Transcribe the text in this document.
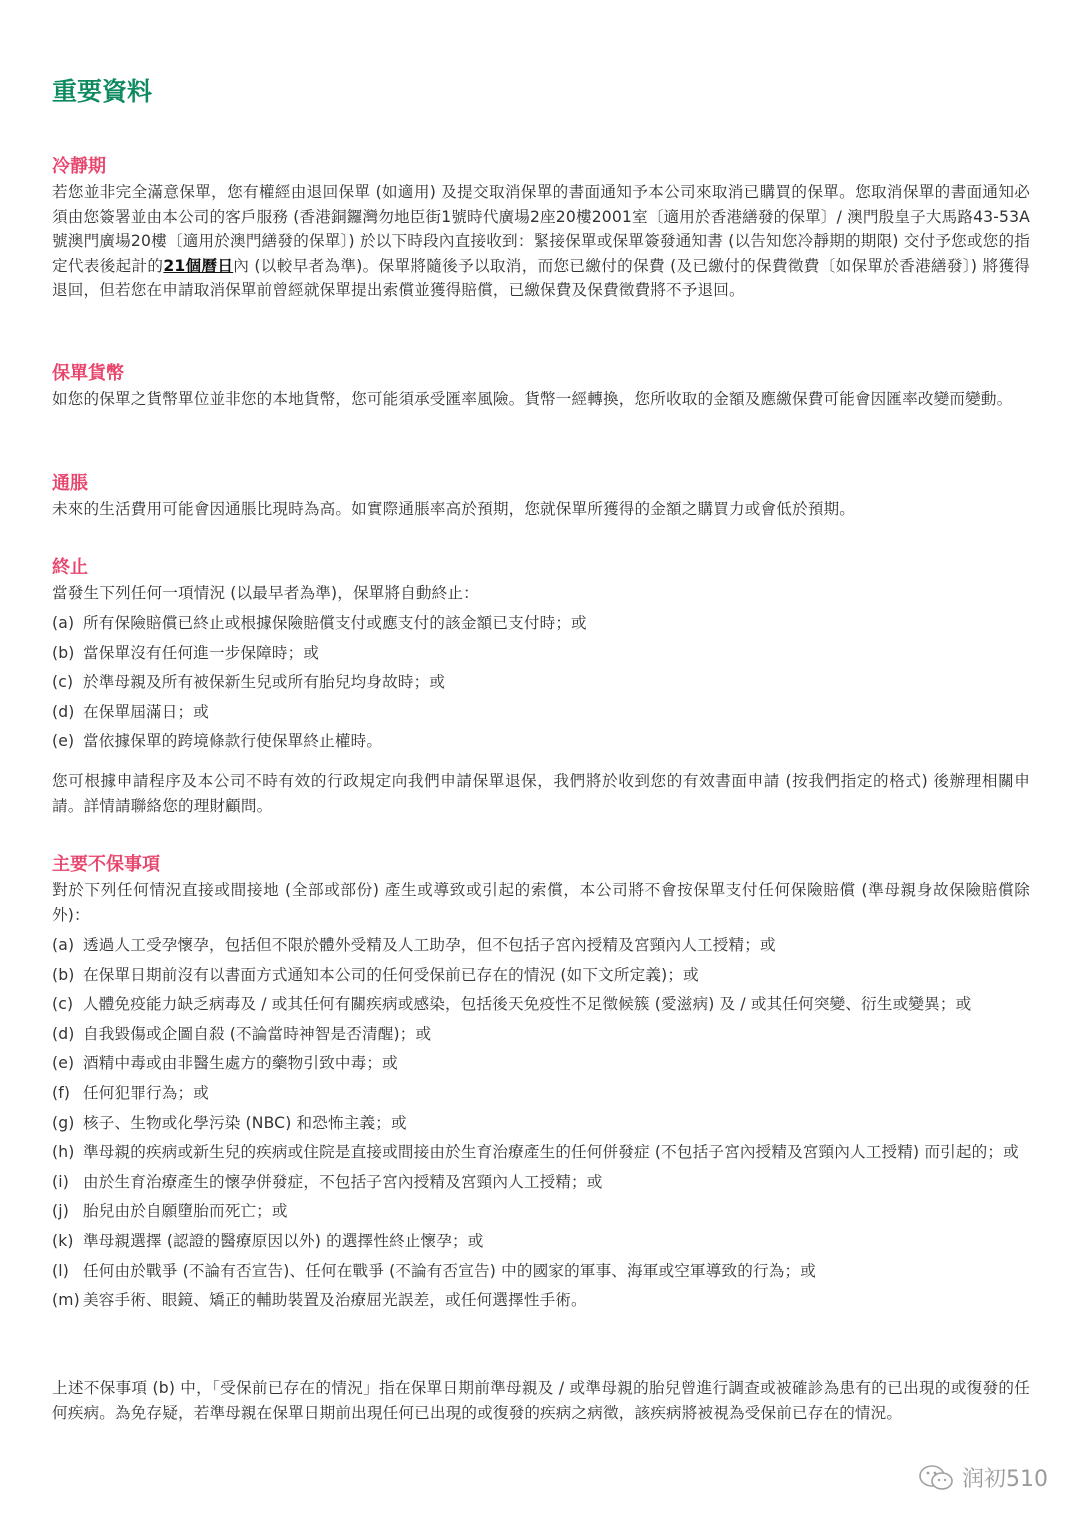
重要資料
冷靜期

若您並非完全滿意保單，您有權經由退回保單 (如適用) 及提交取消保單的書面通知予本公司來取消已購買的保單。您取消保單的書面通知必須由您簽署並由本公司的客戶服務 (香港銅鑼灣勿地臣街1號時代廣場2座20樓2001室〔適用於香港繕發的保單〕/ 澳門殷皇子大馬路43-53A號澳門廣場20樓〔適用於澳門繕發的保單〕) 於以下時段內直接收到：緊接保單或保單簽發通知書 (以告知您冷靜期的期限) 交付予您或您的指定代表後起計的21個曆日內 (以較早者為準)。保單將隨後予以取消，而您已繳付的保費 (及已繳付的保費徵費〔如保單於香港繕發〕) 將獲得退回，但若您在申請取消保單前曾經就保單提出索償並獲得賠償，已繳保費及保費徵費將不予退回。

保單貨幣

如您的保單之貨幣單位並非您的本地貨幣，您可能須承受匯率風險。貨幣一經轉換，您所收取的金額及應繳保費可能會因匯率改變而變動。

通脹

未來的生活費用可能會因通脹比現時為高。如實際通脹率高於預期，您就保單所獲得的金額之購買力或會低於預期。

終止

當發生下列任何一項情況 (以最早者為準)，保單將自動終止：

(a) 所有保險賠償已終止或根據保險賠償支付或應支付的該金額已支付時；或
(b) 當保單沒有任何進一步保障時；或
(c) 於準母親及所有被保新生兒或所有胎兒均身故時；或
(d) 在保單屆滿日；或
(e) 當依據保單的跨境條款行使保單終止權時。

您可根據申請程序及本公司不時有效的行政規定向我們申請保單退保，我們將於收到您的有效書面申請 (按我們指定的格式) 後辦理相關申請。詳情請聯絡您的理財顧問。

主要不保事項

對於下列任何情況直接或間接地 (全部或部份) 產生或導致或引起的索償，本公司將不會按保單支付任何保險賠償 (準母親身故保險賠償除外)：

(a) 透過人工受孕懷孕，包括但不限於體外受精及人工助孕，但不包括子宮內授精及宮頸內人工授精；或
(b) 在保單日期前沒有以書面方式通知本公司的任何受保前已存在的情況 (如下文所定義)；或
(c) 人體免疫能力缺乏病毒及 / 或其任何有關疾病或感染，包括後天免疫性不足徵候簇 (愛滋病) 及 / 或其任何突變、衍生或變異；或
(d) 自我毀傷或企圖自殺 (不論當時神智是否清醒)；或
(e) 酒精中毒或由非醫生處方的藥物引致中毒；或
(f) 任何犯罪行為；或
(g) 核子、生物或化學污染 (NBC) 和恐怖主義；或
(h) 準母親的疾病或新生兒的疾病或住院是直接或間接由於生育治療產生的任何併發症 (不包括子宮內授精及宮頸內人工授精) 而引起的；或
(i) 由於生育治療產生的懷孕併發症，不包括子宮內授精及宮頸內人工授精；或
(j) 胎兒由於自願墮胎而死亡；或
(k) 準母親選擇 (認證的醫療原因以外) 的選擇性終止懷孕；或
(l) 任何由於戰爭 (不論有否宣告)、任何在戰爭 (不論有否宣告) 中的國家的軍事、海軍或空軍導致的行為；或
(m) 美容手術、眼鏡、矯正的輔助裝置及治療屈光誤差，或任何選擇性手術。

上述不保事項 (b) 中，「受保前已存在的情況」指在保單日期前準母親及 / 或準母親的胎兒曾進行調查或被確診為患有的已出現的或復發的任何疾病。為免存疑，若準母親在保單日期前出現任何已出現的或復發的疾病之病徵，該疾病將被視為受保前已存在的情況。

润初510
